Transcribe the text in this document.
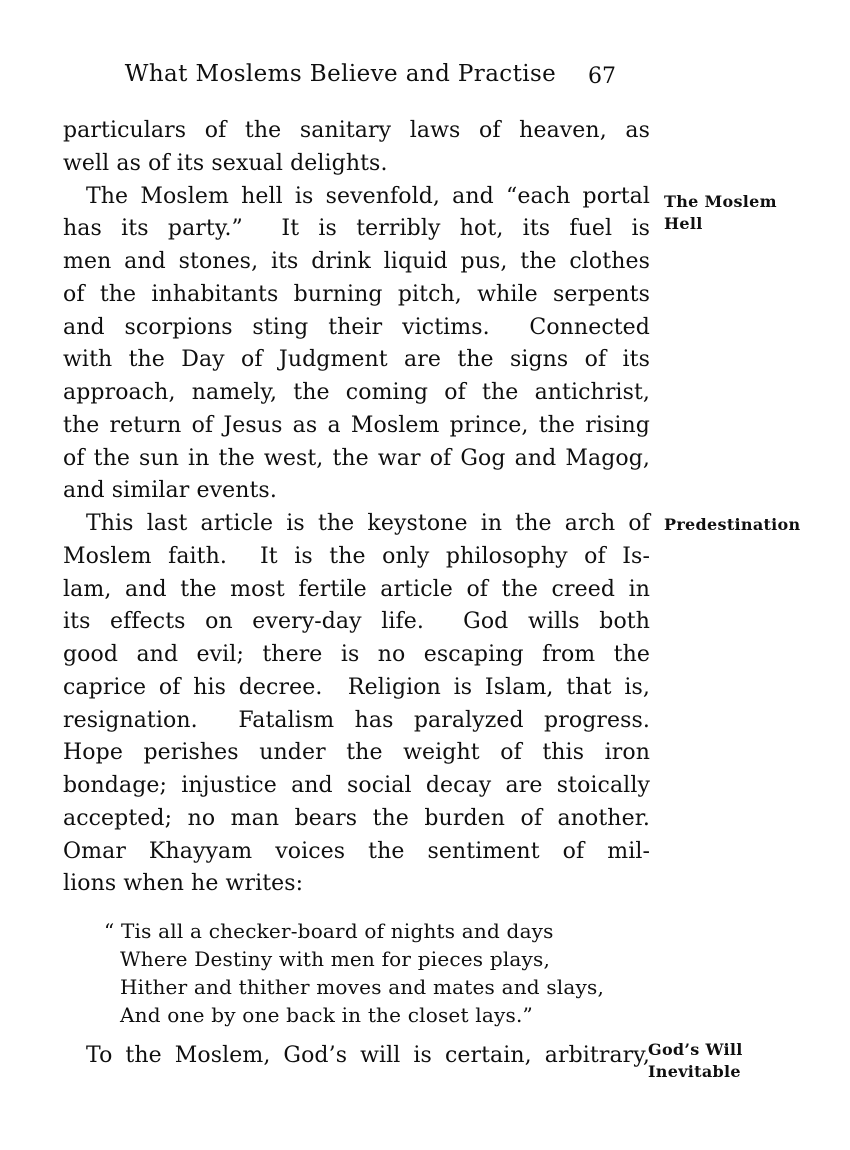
What Moslems Believe and Practise	67
particulars of the sanitary laws of heaven, as
well as of its sexual delights.
The Moslem hell is sevenfold, and “each portal
has its party.”  It is terribly hot, its fuel is
men and stones, its drink liquid pus, the clothes
of the inhabitants burning pitch, while serpents
and scorpions sting their victims.  Connected
with the Day of Judgment are the signs of its
approach, namely, the coming of the antichrist,
the return of Jesus as a Moslem prince, the rising
of the sun in the west, the war of Gog and Magog,
and similar events.
This last article is the keystone in the arch of
Moslem faith.  It is the only philosophy of Is-
lam, and the most fertile article of the creed in
its effects on every-day life.  God wills both
good and evil; there is no escaping from the
caprice of his decree.  Religion is Islam, that is,
resignation.  Fatalism has paralyzed progress.
Hope perishes under the weight of this iron
bondage; injustice and social decay are stoically
accepted; no man bears the burden of another.
Omar Khayyam voices the sentiment of mil-
lions when he writes:
“ Tis all a checker-board of nights and days
Where Destiny with men for pieces plays,
Hither and thither moves and mates and slays,
And one by one back in the closet lays.”
To the Moslem, God’s will is certain, arbitrary,
The Moslem
Hell
Predestination
God’s Will
Inevitable
